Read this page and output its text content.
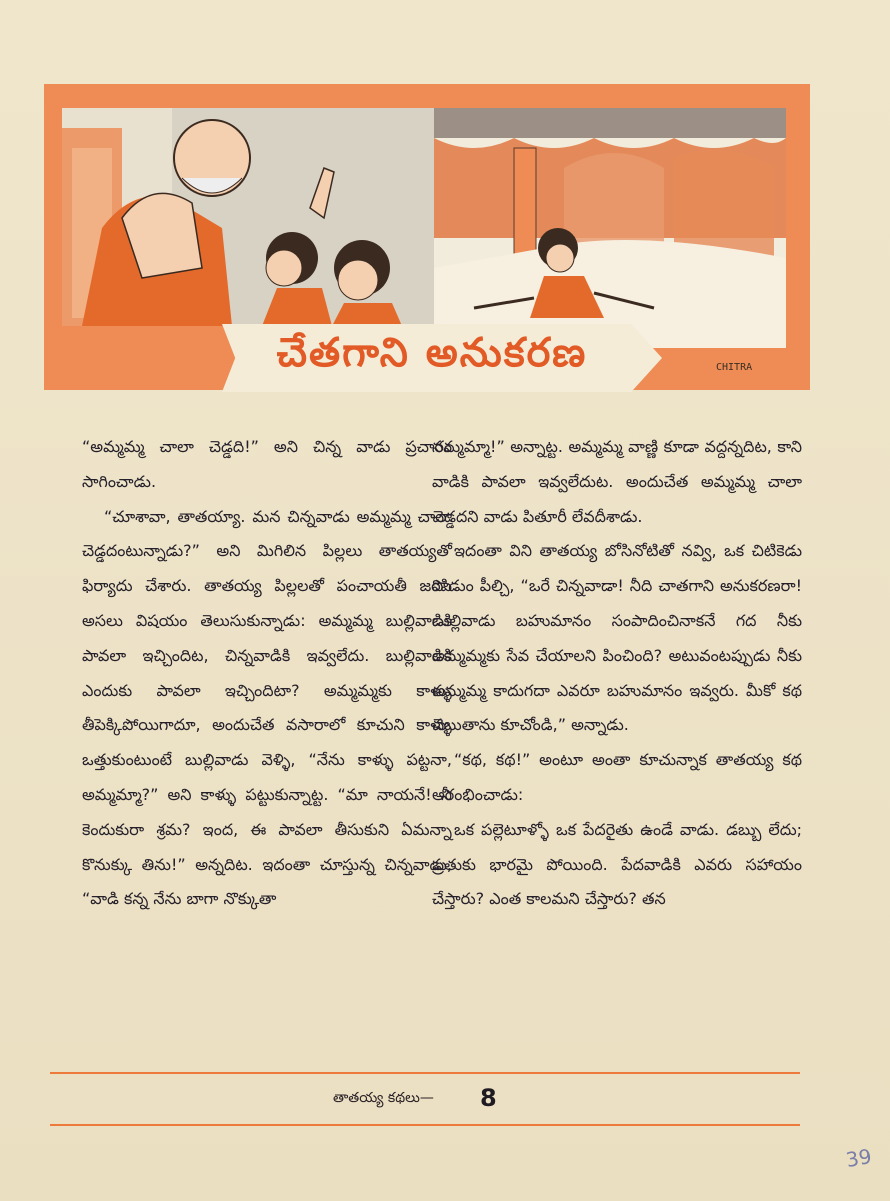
చేతగాని అనుకరణ	CHITRA

“అమ్మమ్మ చాలా చెడ్డది!” అని చిన్న వాడు ప్రచారం సాగించాడు.

“చూశావా, తాతయ్యా. మన చిన్నవాడు అమ్మమ్మ చాలా చెడ్డదంటున్నాడు?” అని మిగిలిన పిల్లలు తాతయ్యతో ఫిర్యాదు చేశారు. తాతయ్య పిల్లలతో పంచాయతీ జరిపి అసలు విషయం తెలుసుకున్నాడు: అమ్మమ్మ బుల్లివాడికి పావలా ఇచ్చిందిట, చిన్నవాడికి ఇవ్వలేదు. బుల్లివాడికి ఎందుకు పావలా ఇచ్చిందిటా? అమ్మమ్మకు కాళ్ళు తీపెక్కిపోయిగాదూ, అందుచేత వసారాలో కూచుని కాళ్ళు ఒత్తుకుంటుంటే బుల్లివాడు వెళ్ళి, “నేను కాళ్ళు పట్టనా, అమ్మమ్మా?” అని కాళ్ళు పట్టుకున్నాట్ట. “మా నాయనే! నీ కెందుకురా శ్రమ? ఇంద, ఈ పావలా తీసుకుని ఏమన్నా కొనుక్కు తిను!” అన్నదిట. ఇదంతా చూస్తున్న చిన్నవాడు, “వాడి కన్న నేను బాగా నొక్కుతా

నమ్మమ్మా!” అన్నాట్ట. అమ్మమ్మ వాణ్ణి కూడా వద్దన్నదిట, కాని వాడికి పావలా ఇవ్వలేదుట. అందుచేత అమ్మమ్మ చాలా చెడ్డదని వాడు పితూరీ లేవదీశాడు.

ఇదంతా విని తాతయ్య బోసినోటితో నవ్వి, ఒక చిటికెడు పొడుం పీల్చి, “ఒరే చిన్నవాడా! నీది చాతగాని అనుకరణరా! బుల్లివాడు బహుమానం సంపాదించినాకనే గద నీకు అమ్మమ్మకు సేవ చేయాలని పించింది? అటువంటప్పుడు నీకు అమ్మమ్మ కాదుగదా ఎవరూ బహుమానం ఇవ్వరు. మీకో కథ చెబుతాను కూచోండి,” అన్నాడు.

“కథ, కథ!” అంటూ అంతా కూచున్నాక తాతయ్య కథ అరంభించాడు:

ఒక పల్లెటూళ్ళో ఒక పేదరైతు ఉండే వాడు. డబ్బు లేదు; బ్రతుకు భారమై పోయింది. పేదవాడికి ఎవరు సహాయం చేస్తారు? ఎంత కాలమని చేస్తారు? తన

తాతయ్య కథలు— 8
39
